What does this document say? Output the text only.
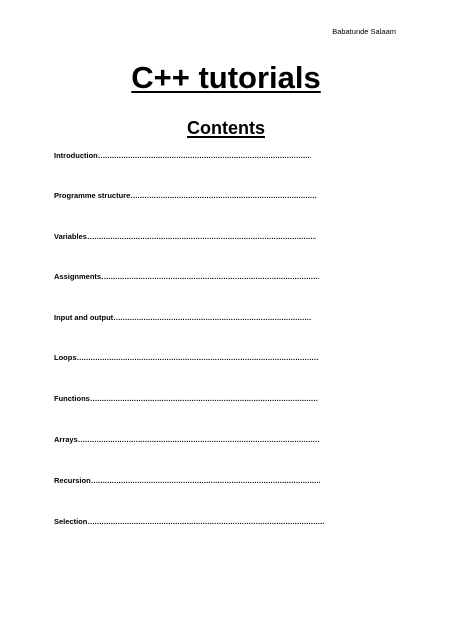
Babatunde Salaam
C++ tutorials
Contents
Introduction
……………………………………………………………………………………………………………………………………………………………………………………
Programme structure
……………………………………………………………………………………………………………………………………………………………………………………
Variables
……………………………………………………………………………………………………………………………………………………………………………………
Assignments
……………………………………………………………………………………………………………………………………………………………………………………
Input and output
……………………………………………………………………………………………………………………………………………………………………………………
Loops
……………………………………………………………………………………………………………………………………………………………………………………
Functions
……………………………………………………………………………………………………………………………………………………………………………………
Arrays
……………………………………………………………………………………………………………………………………………………………………………………
Recursion
……………………………………………………………………………………………………………………………………………………………………………………
Selection
……………………………………………………………………………………………………………………………………………………………………………………
